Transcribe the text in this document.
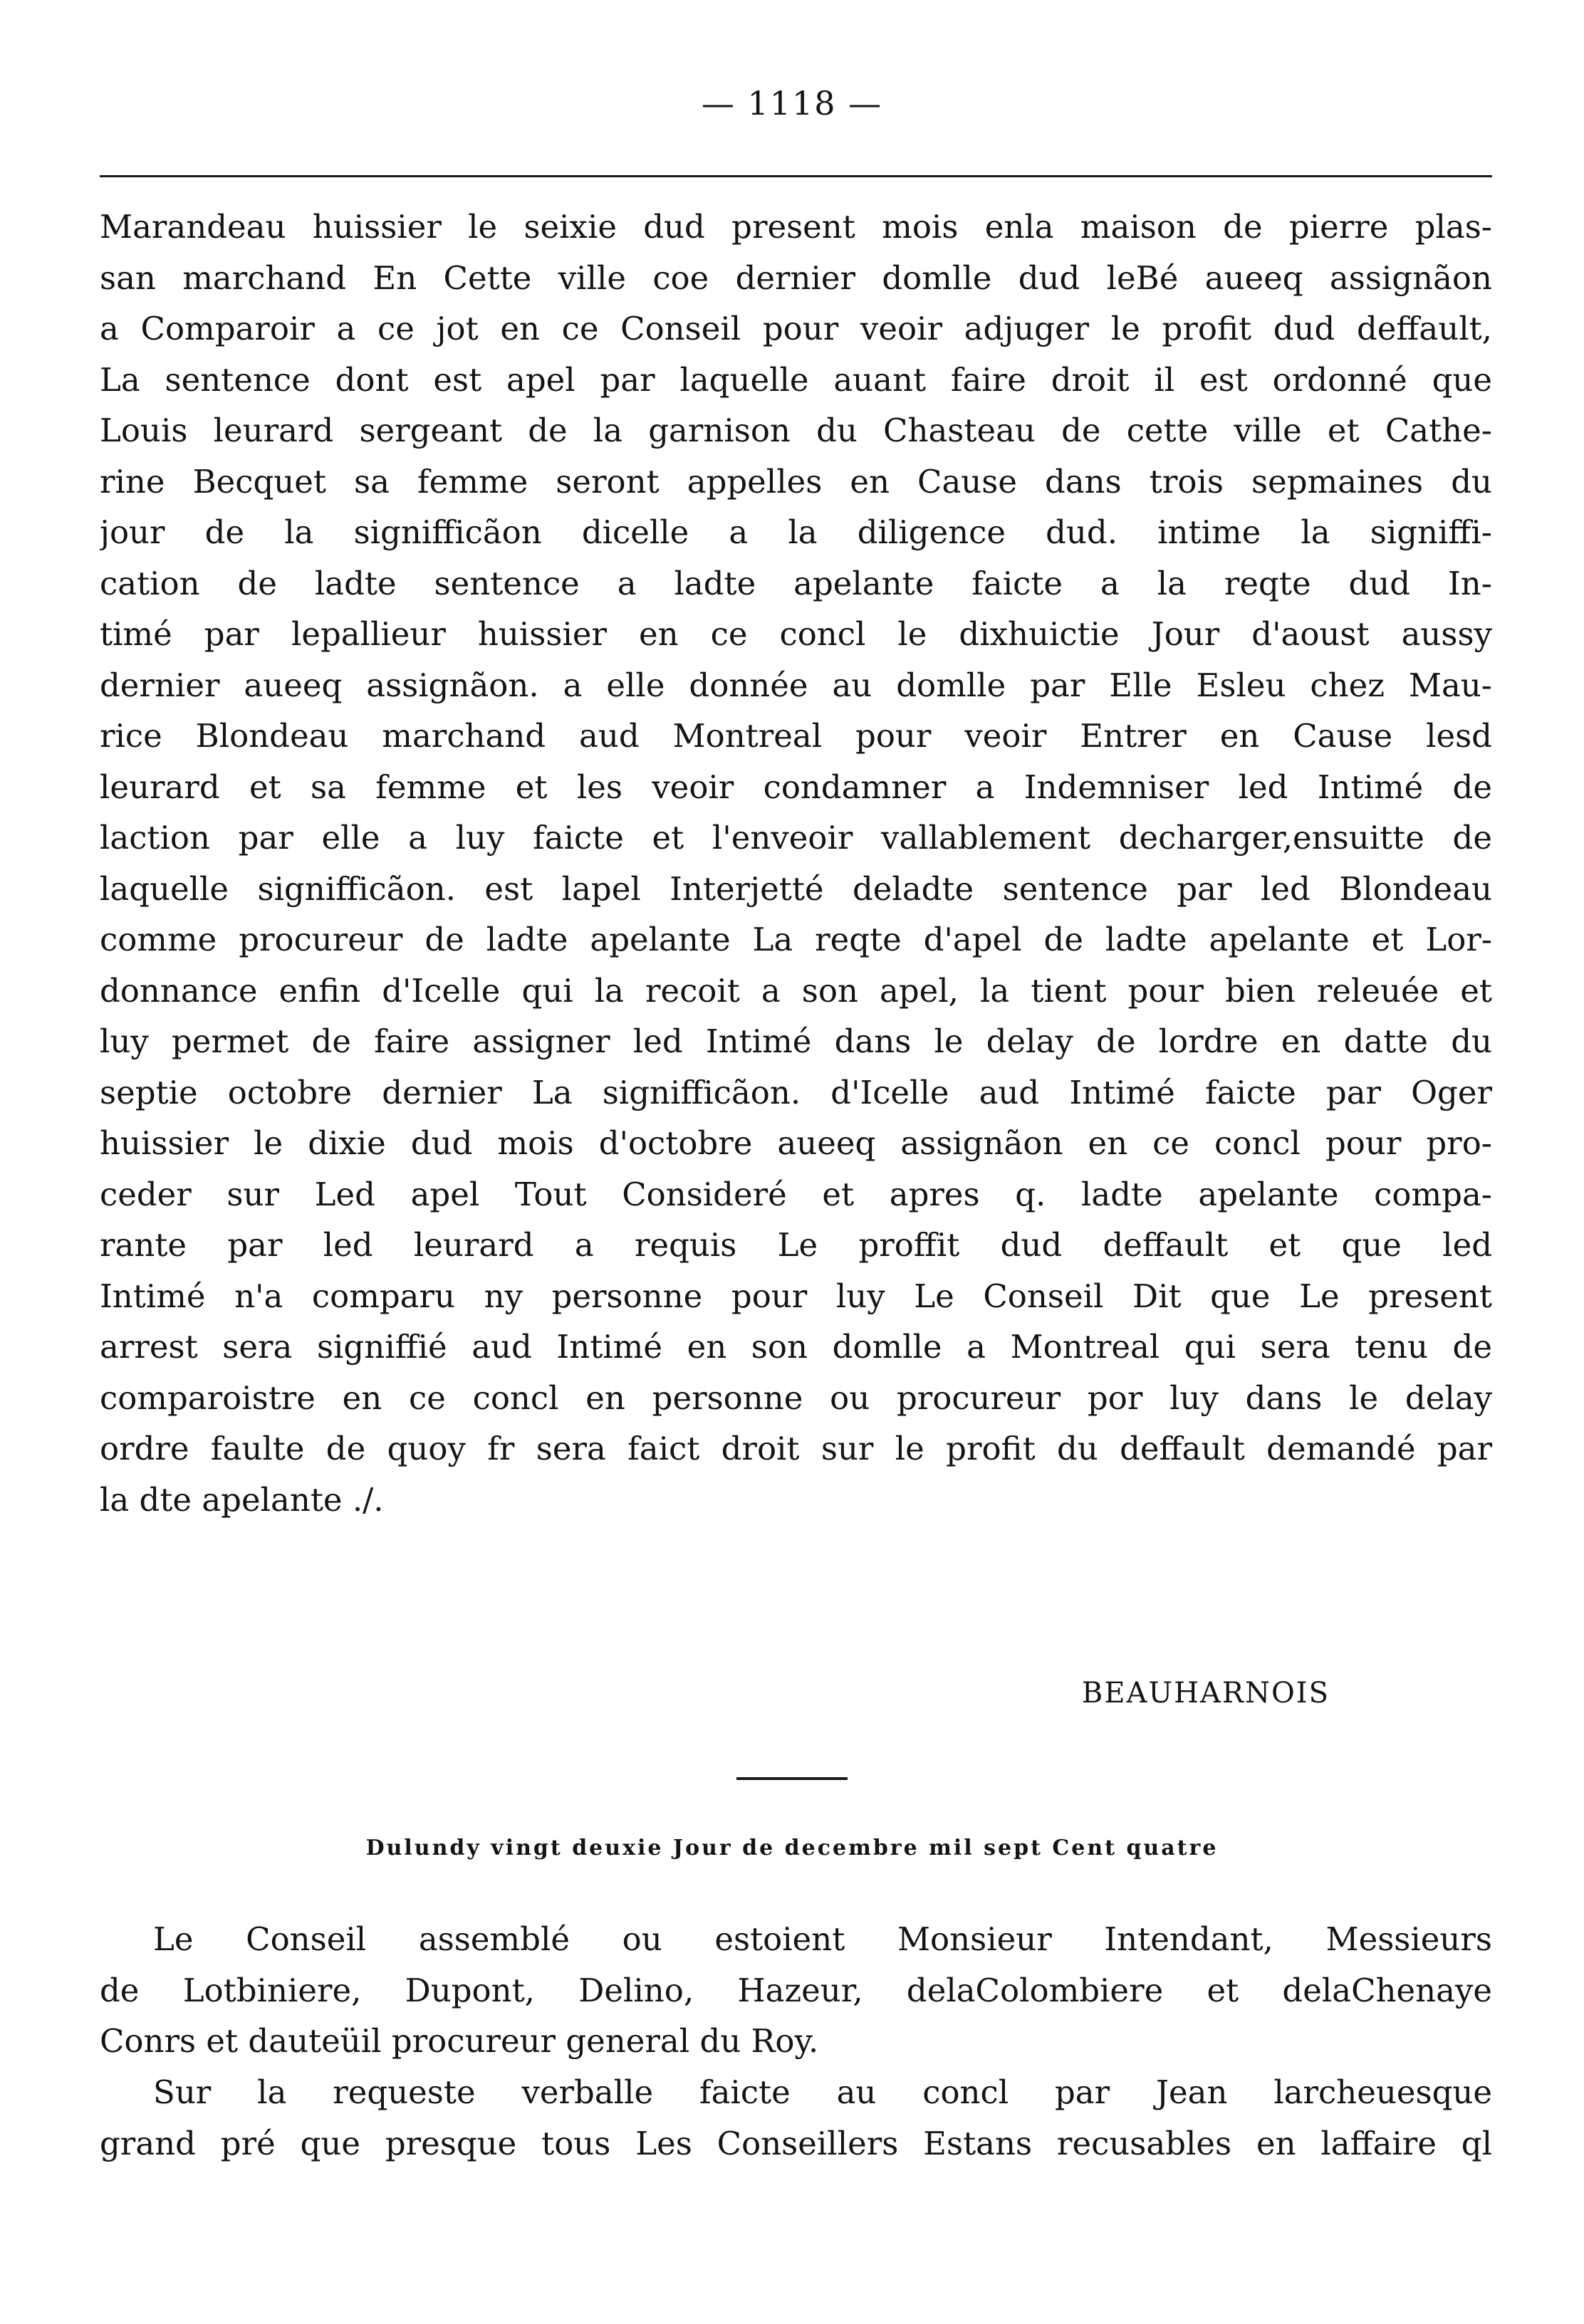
— 1118 —
Marandeau huissier le seixie dud present mois enla maison de pierre plas-
san marchand En Cette ville coe dernier domlle dud leBé aueeq assignãon
a Comparoir a ce jot en ce Conseil pour veoir adjuger le profit dud deffault,
La sentence dont est apel par laquelle auant faire droit il est ordonné que
Louis leurard sergeant de la garnison du Chasteau de cette ville et Cathe-
rine Becquet sa femme seront appelles en Cause dans trois sepmaines du
jour de la signifficãon dicelle a la diligence dud. intime la signiffi-
cation de ladte sentence a ladte apelante faicte a la reqte dud In-
timé par lepallieur huissier en ce concl le dixhuictie Jour d'aoust aussy
dernier aueeq assignãon. a elle donnée au domlle par Elle Esleu chez Mau-
rice Blondeau marchand aud Montreal pour veoir Entrer en Cause lesd
leurard et sa femme et les veoir condamner a Indemniser led Intimé de
laction par elle a luy faicte et l'enveoir vallablement decharger,ensuitte de
laquelle signifficãon. est lapel Interjetté deladte sentence par led Blondeau
comme procureur de ladte apelante La reqte d'apel de ladte apelante et Lor-
donnance enfin d'Icelle qui la recoit a son apel, la tient pour bien releuée et
luy permet de faire assigner led Intimé dans le delay de lordre en datte du
septie octobre dernier La signifficãon. d'Icelle aud Intimé faicte par Oger
huissier le dixie dud mois d'octobre aueeq assignãon en ce concl pour pro-
ceder sur Led apel Tout Consideré et apres q. ladte apelante compa-
rante par led leurard a requis Le proffit dud deffault et que led
Intimé n'a comparu ny personne pour luy Le Conseil Dit que Le present
arrest sera signiffié aud Intimé en son domlle a Montreal qui sera tenu de
comparoistre en ce concl en personne ou procureur por luy dans le delay
ordre faulte de quoy fr sera faict droit sur le profit du deffault demandé par
la dte apelante ./.
BEAUHARNOIS
Dulundy vingt deuxie Jour de decembre mil sept Cent quatre
Le Conseil assemblé ou estoient Monsieur Intendant, Messieurs
de Lotbiniere, Dupont, Delino, Hazeur, delaColombiere et delaChenaye
Conrs et dauteüil procureur general du Roy.
Sur la requeste verballe faicte au concl par Jean larcheuesque
grand pré que presque tous Les Conseillers Estans recusables en laffaire ql
